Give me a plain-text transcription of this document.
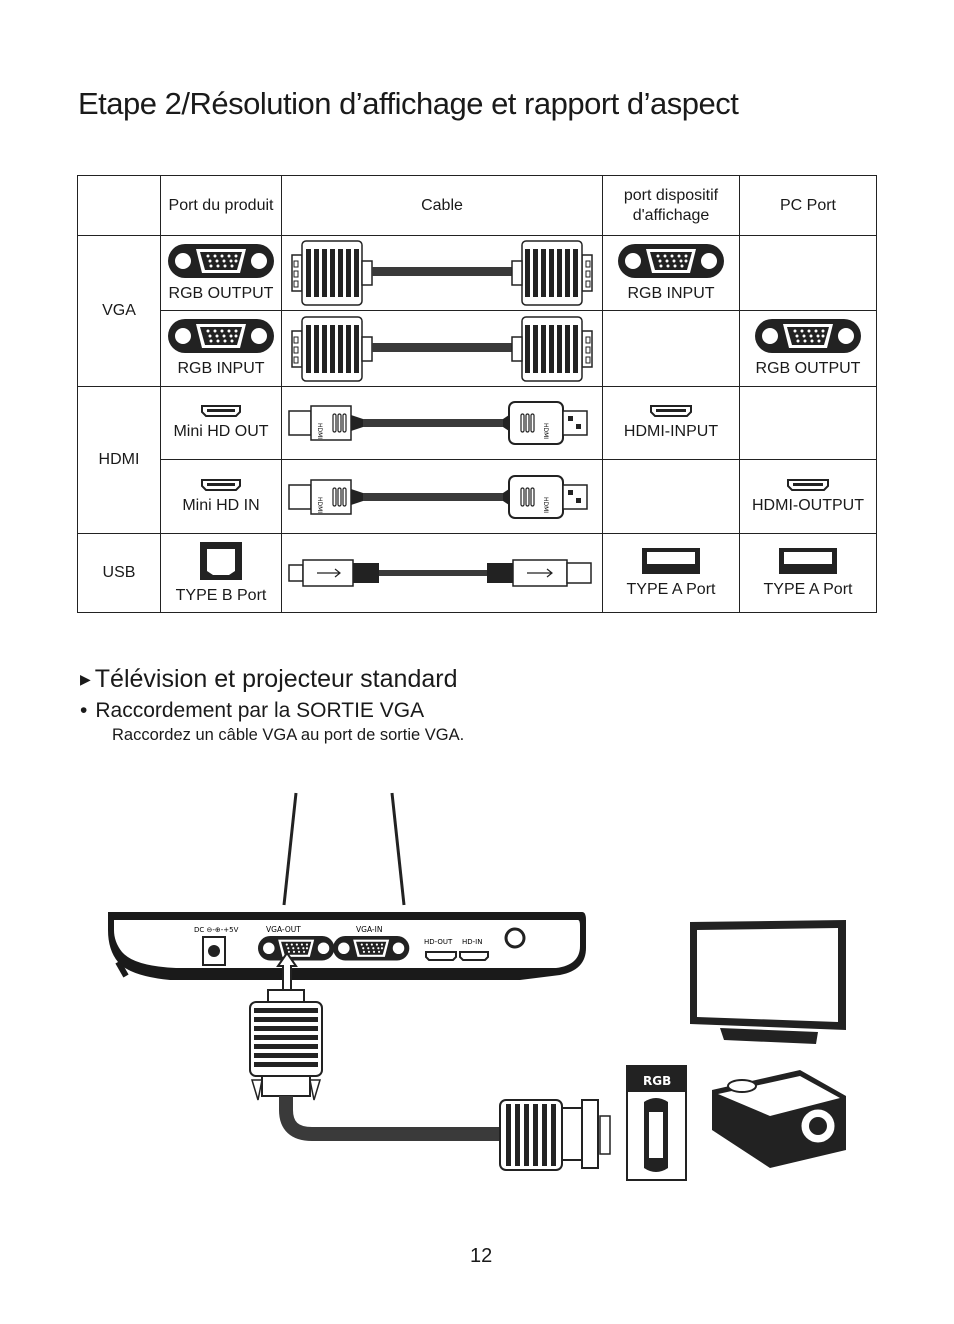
Etape 2/Résolution d’affichage et rapport d’aspect
	Port du produit	Cable	port dispositif d'affichage	PC Port
VGA	RGB OUTPUT		RGB INPUT	

	RGB INPUT			RGB OUTPUT

HDMI	Mini HD OUT	HDMI HDMI	HDMI-INPUT	

	Mini HD IN	HDMI HDMI		HDMI-OUTPUT

USB	TYPE B Port		TYPE A Port	TYPE A Port
▶ Télévision et projecteur standard
• Raccordement par la SORTIE VGA
Raccordez un câble VGA au port de sortie VGA.
DC ⊖-⊕-+5V	VGA-OUT	VGA-IN
HD-OUT HD-IN
RGB
12
